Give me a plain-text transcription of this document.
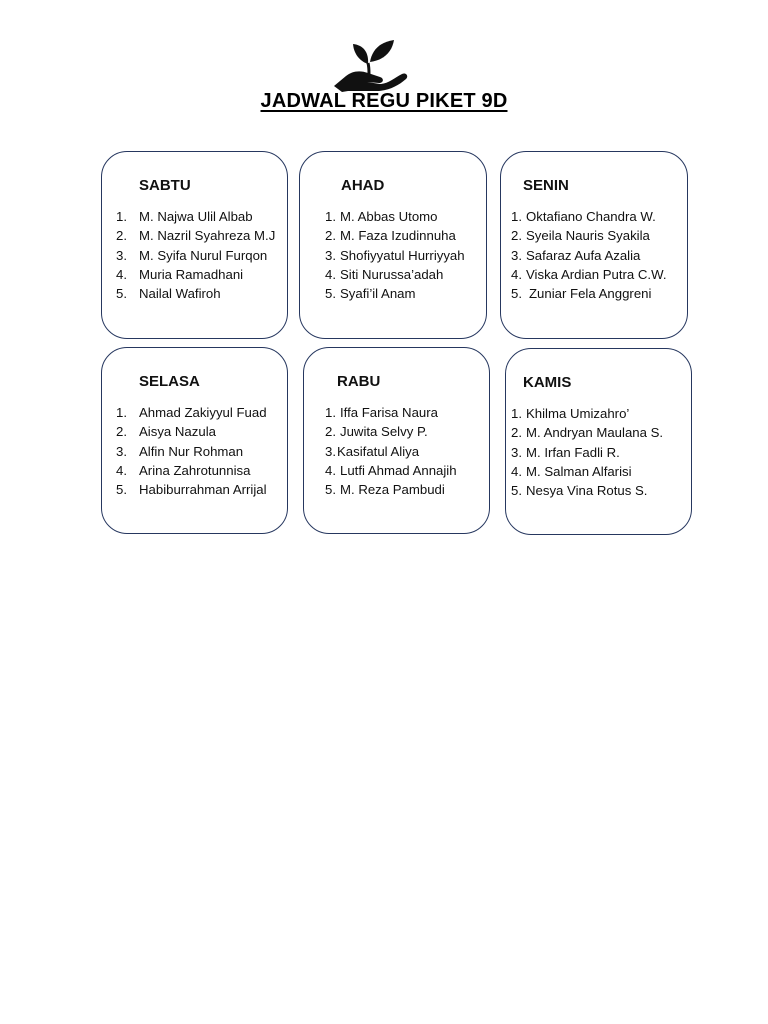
JADWAL REGU PIKET 9D
SABTU
1. M. Najwa Ulil Albab
2. M. Nazril Syahreza M.J
3. M. Syifa Nurul Furqon
4. Muria Ramadhani
5. Nailal Wafiroh
AHAD
1. M. Abbas Utomo
2. M. Faza Izudinnuha
3. Shofiyyatul Hurriyyah
4. Siti Nurussa’adah
5. Syafi’il Anam
SENIN
1. Oktafiano Chandra W.
2. Syeila Nauris Syakila
3. Safaraz Aufa Azalia
4. Viska Ardian Putra C.W.
5. Zuniar Fela Anggreni
SELASA
1. Ahmad Zakiyyul Fuad
2. Aisya Nazula
3. Alfin Nur Rohman
4. Arina Zahrotunnisa
5. Habiburrahman Arrijal
RABU
1. Iffa Farisa Naura
2. Juwita Selvy P.
3.Kasifatul Aliya
4. Lutfi Ahmad Annajih
5. M. Reza Pambudi
KAMIS
1. Khilma Umizahro’
2. M. Andryan Maulana S.
3. M. Irfan Fadli R.
4. M. Salman Alfarisi
5. Nesya Vina Rotus S.
